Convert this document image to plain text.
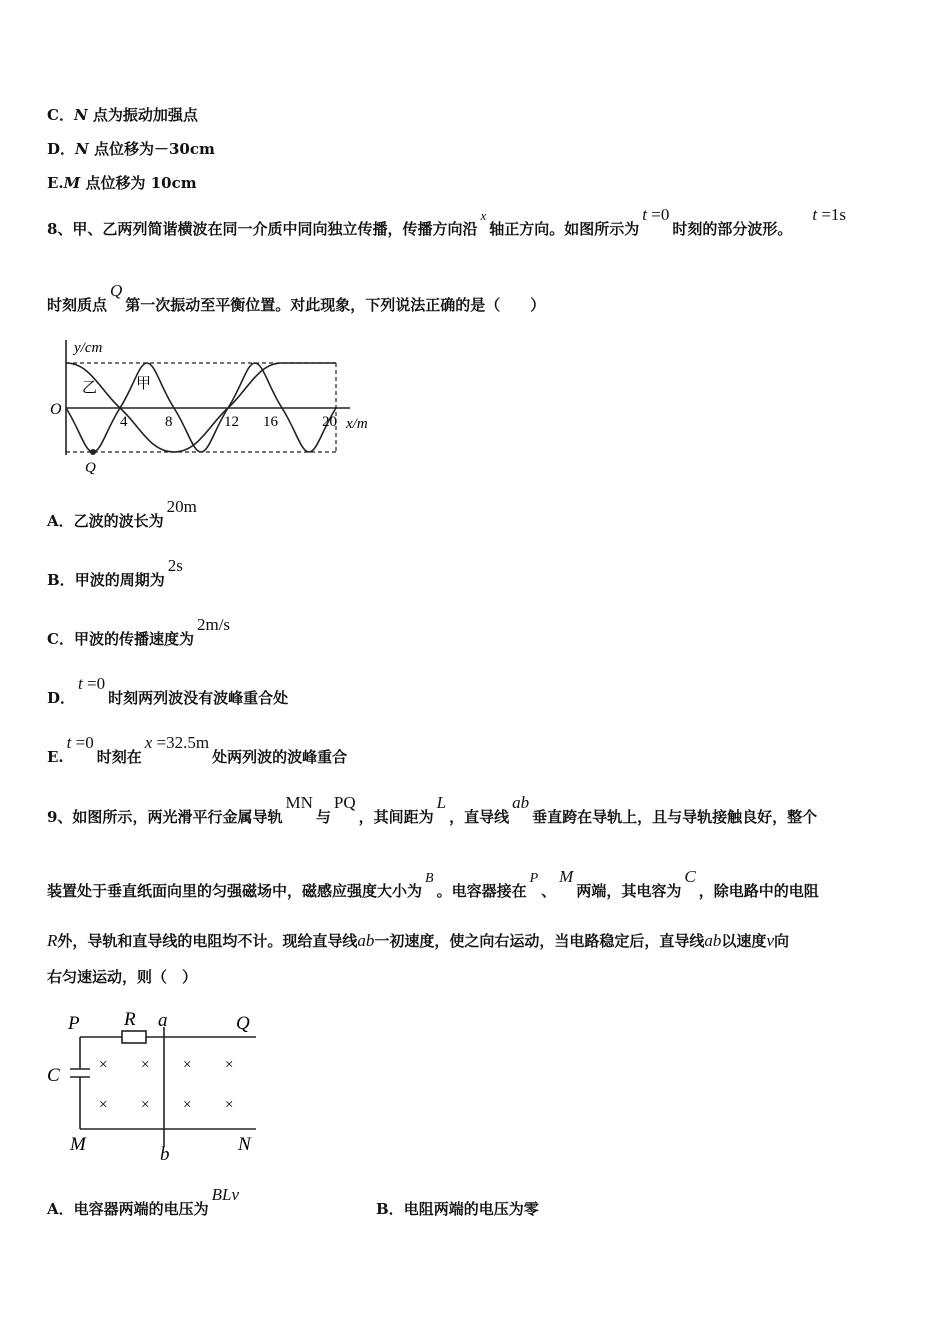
C．N 点为振动加强点
D．N 点位移为－30cm
E.M 点位移为 10cm
8、甲、乙两列简谐横波在同一介质中同向独立传播，传播方向沿x轴正方向。如图所示为t =0时刻的部分波形。t =1s
时刻质点Q第一次振动至平衡位置。对此现象，下列说法正确的是（　　）
O
y/cm
x/m
乙	甲
Q
4	8	12 16	20
A．乙波的波长为20m
B．甲波的周期为2s
C．甲波的传播速度为2m/s
D．t =0时刻两列波没有波峰重合处
E.t =0时刻在x =32.5m处两列波的波峰重合
9、如图所示，两光滑平行金属导轨MN与PQ，其间距为L，直导线ab垂直跨在导轨上，且与导轨接触良好，整个
装置处于垂直纸面向里的匀强磁场中，磁感应强度大小为B。电容器接在P、M两端，其电容为C，除电路中的电阻
R外，导轨和直导线的电阻均不计。现给直导线ab一初速度，使之向右运动，当电路稳定后，直导线ab以速度v向
右匀速运动，则（　）
P R a	Q
C
M	b	N
× × × ×
× × × ×
A．电容器两端的电压为BLv
B．电阻两端的电压为零
